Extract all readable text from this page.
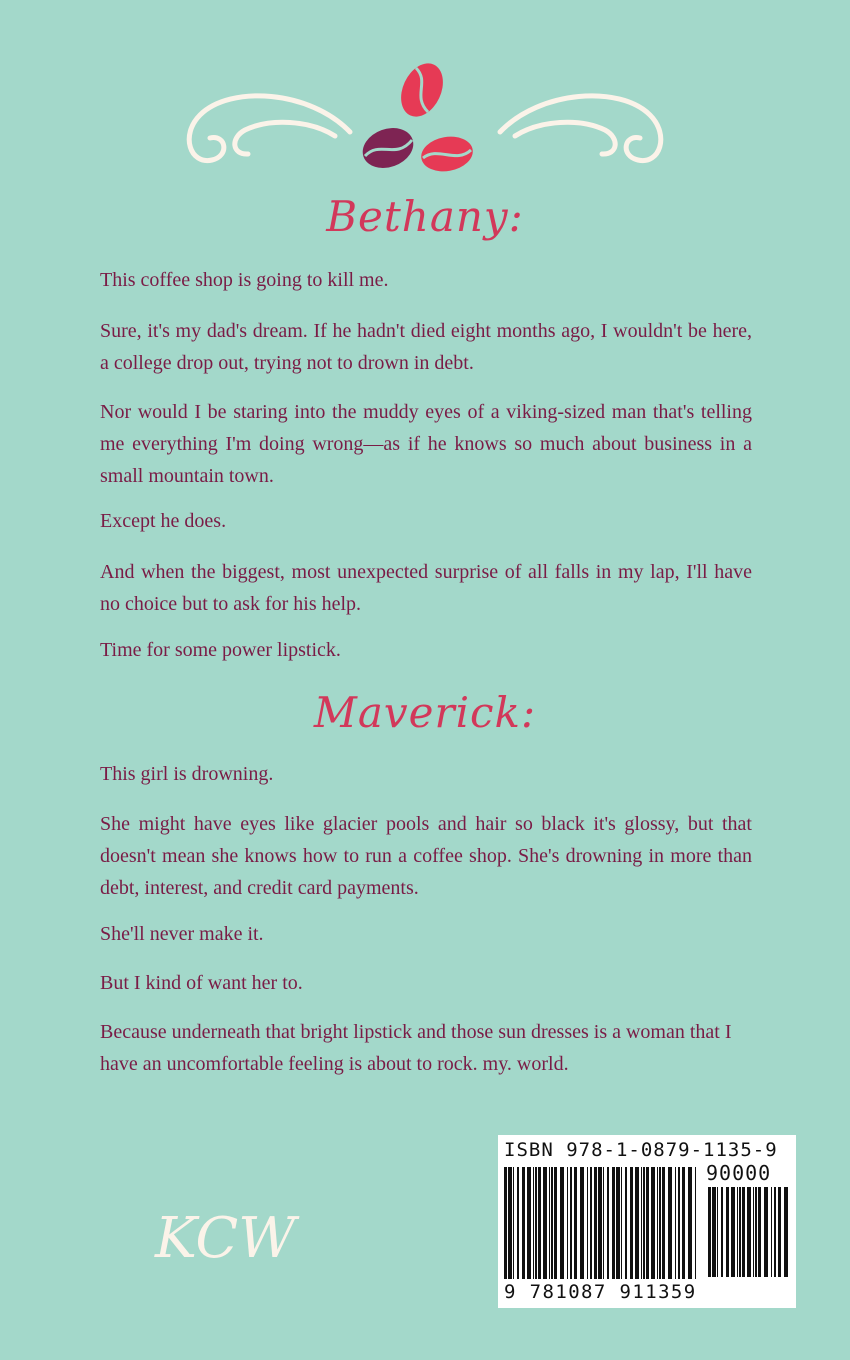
Bethany:

This coffee shop is going to kill me.

Sure, it's my dad's dream. If he hadn't died eight months ago, I wouldn't be here, a college drop out, trying not to drown in debt.

Nor would I be staring into the muddy eyes of a viking-sized man that's telling me everything I'm doing wrong—as if he knows so much about business in a small mountain town.

Except he does.

And when the biggest, most unexpected surprise of all falls in my lap, I'll have no choice but to ask for his help.

Time for some power lipstick.

Maverick:

This girl is drowning.

She might have eyes like glacier pools and hair so black it's glossy, but that doesn't mean she knows how to run a coffee shop. She's drowning in more than debt, interest, and credit card payments.

She'll never make it.

But I kind of want her to.

Because underneath that bright lipstick and those sun dresses is a woman that I have an uncomfortable feeling is about to rock. my. world.

KCW
ISBN 978-1-0879-1135-9
90000
9 781087 911359
